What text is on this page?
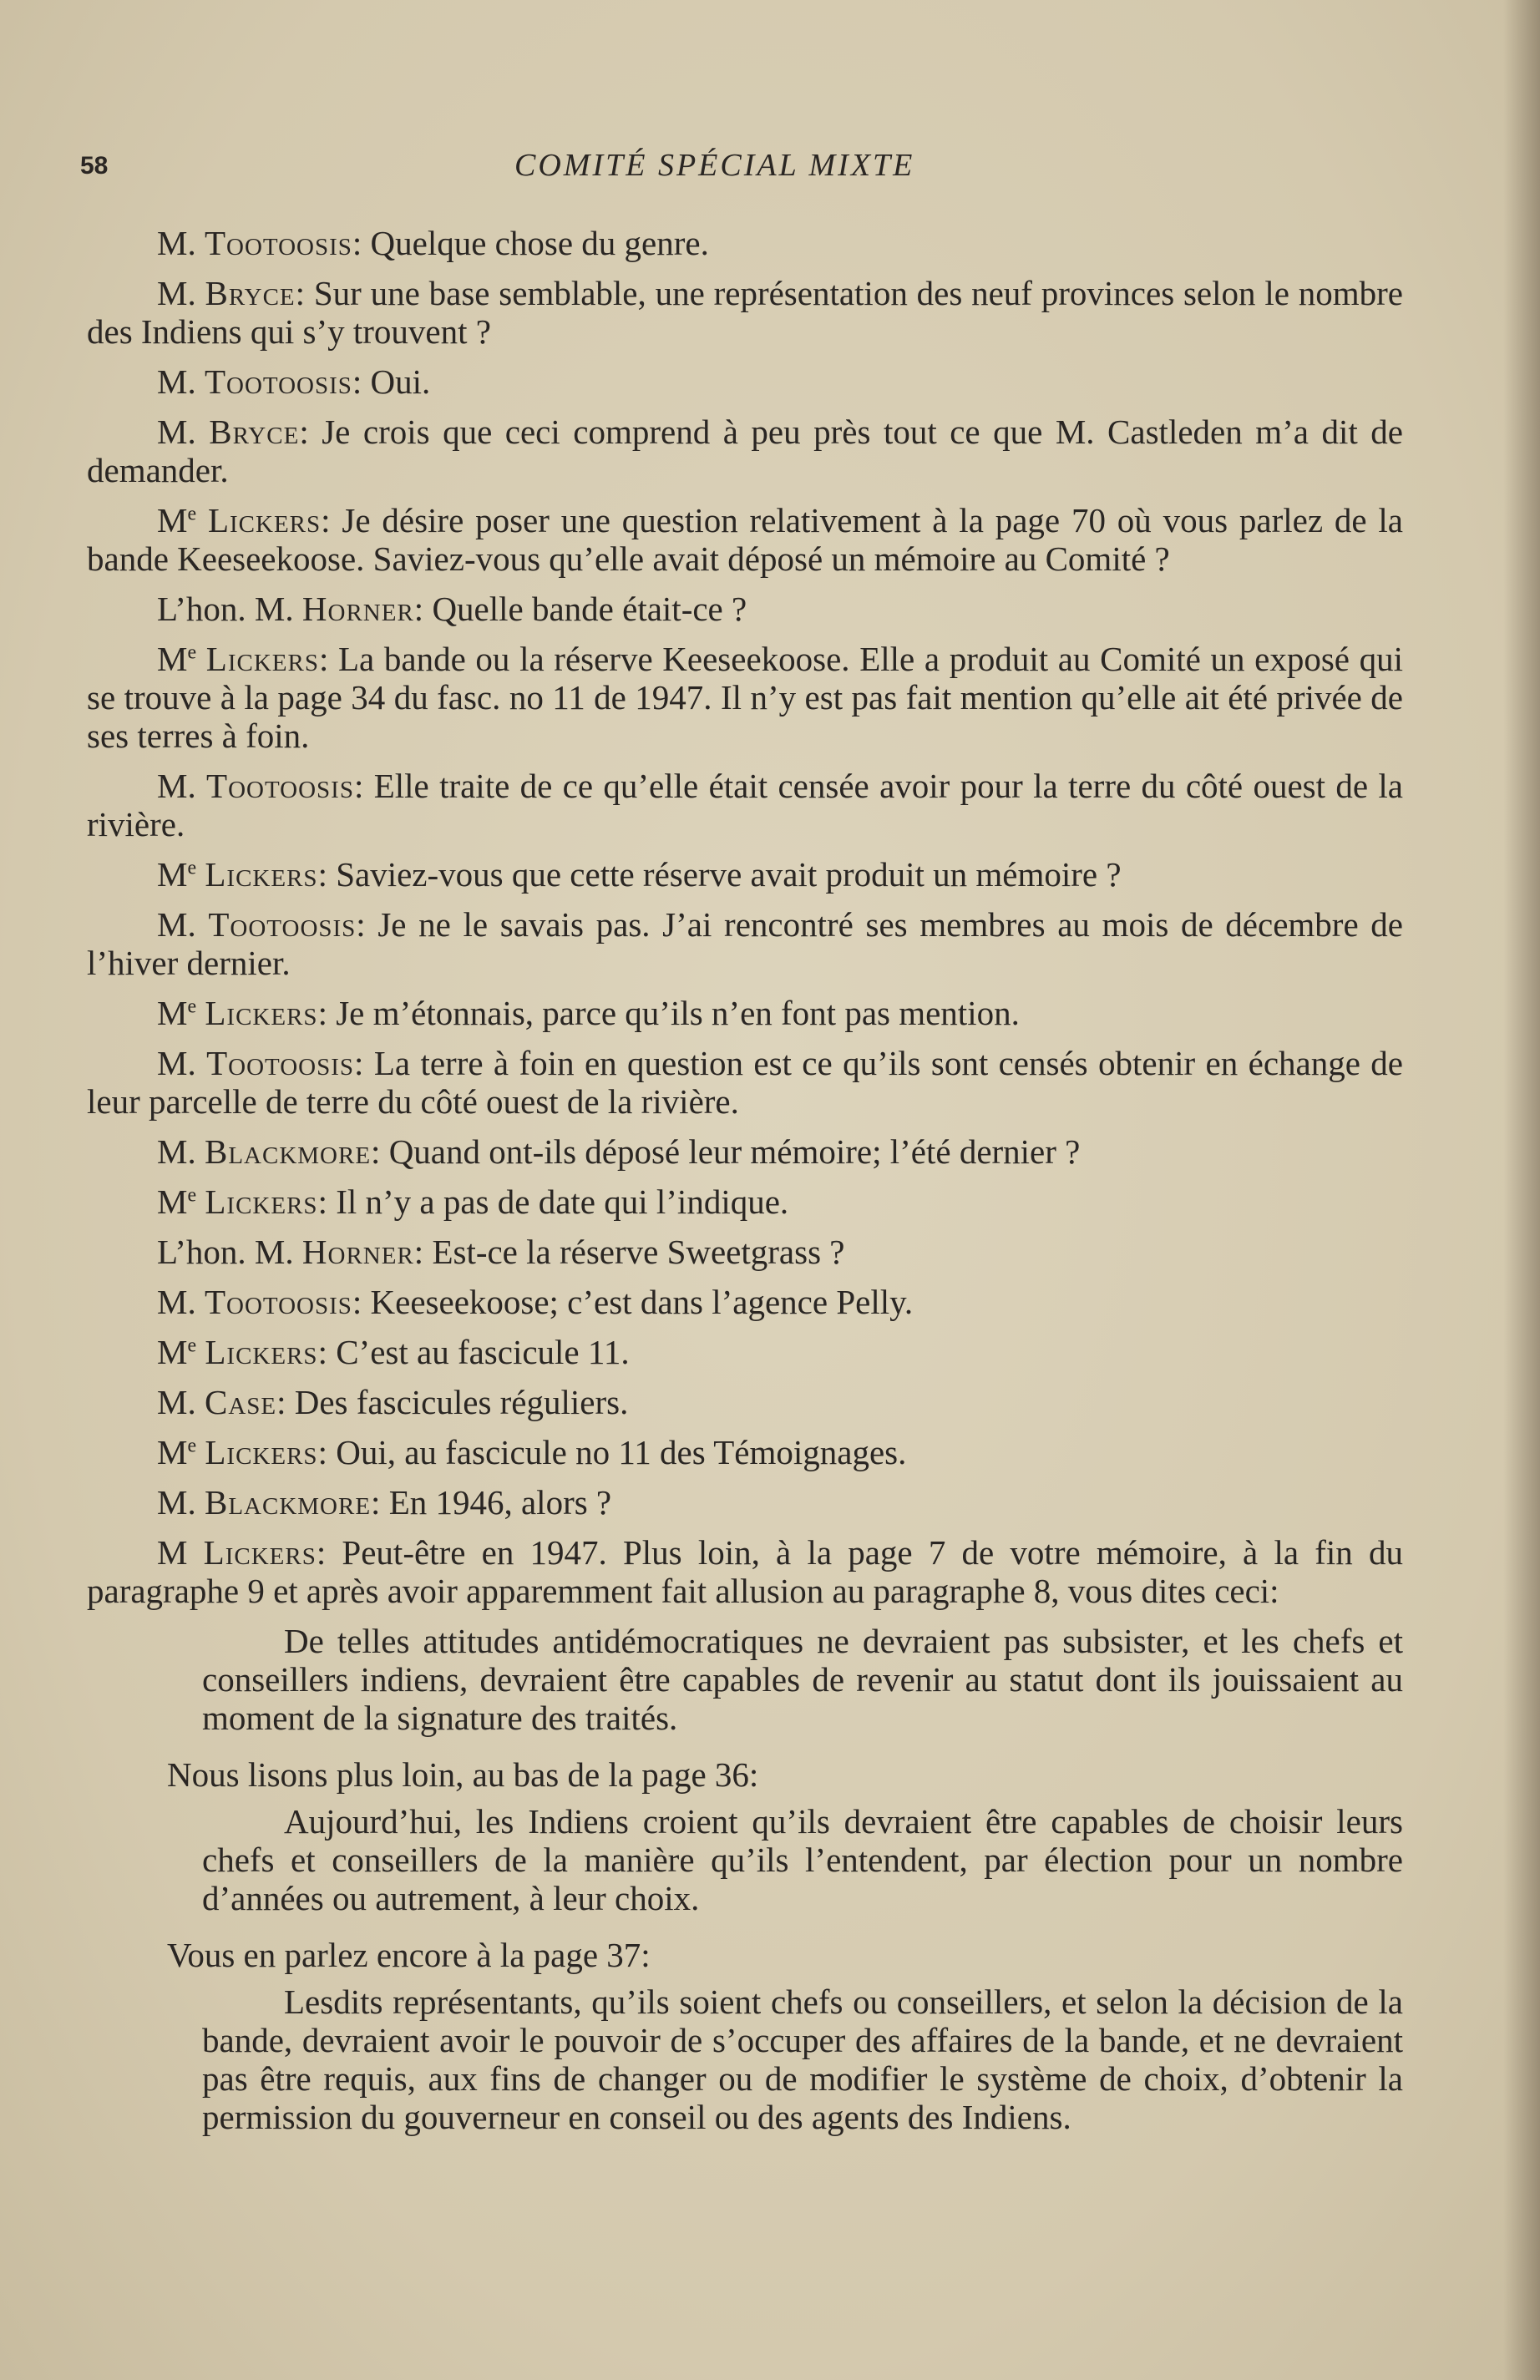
58	COMITÉ SPÉCIAL MIXTE

M. Tootoosis: Quelque chose du genre.

M. Bryce: Sur une base semblable, une représentation des neuf provinces selon le nombre des Indiens qui s’y trouvent ?

M. Tootoosis: Oui.

M. Bryce: Je crois que ceci comprend à peu près tout ce que M. Castleden m’a dit de demander.

Me Lickers: Je désire poser une question relativement à la page 70 où vous parlez de la bande Keeseekoose. Saviez-vous qu’elle avait déposé un mémoire au Comité ?

L’hon. M. Horner: Quelle bande était-ce ?

Me Lickers: La bande ou la réserve Keeseekoose. Elle a produit au Comité un exposé qui se trouve à la page 34 du fasc. no 11 de 1947. Il n’y est pas fait mention qu’elle ait été privée de ses terres à foin.

M. Tootoosis: Elle traite de ce qu’elle était censée avoir pour la terre du côté ouest de la rivière.

Me Lickers: Saviez-vous que cette réserve avait produit un mémoire ?

M. Tootoosis: Je ne le savais pas. J’ai rencontré ses membres au mois de décembre de l’hiver dernier.

Me Lickers: Je m’étonnais, parce qu’ils n’en font pas mention.

M. Tootoosis: La terre à foin en question est ce qu’ils sont censés obtenir en échange de leur parcelle de terre du côté ouest de la rivière.

M. Blackmore: Quand ont-ils déposé leur mémoire; l’été dernier ?

Me Lickers: Il n’y a pas de date qui l’indique.

L’hon. M. Horner: Est-ce la réserve Sweetgrass ?

M. Tootoosis: Keeseekoose; c’est dans l’agence Pelly.

Me Lickers: C’est au fascicule 11.

M. Case: Des fascicules réguliers.

Me Lickers: Oui, au fascicule no 11 des Témoignages.

M. Blackmore: En 1946, alors ?

M Lickers: Peut-être en 1947. Plus loin, à la page 7 de votre mémoire, à la fin du paragraphe 9 et après avoir apparemment fait allusion au paragraphe 8, vous dites ceci:

De telles attitudes antidémocratiques ne devraient pas subsister, et les chefs et conseillers indiens, devraient être capables de revenir au statut dont ils jouissaient au moment de la signature des traités.

Nous lisons plus loin, au bas de la page 36:

Aujourd’hui, les Indiens croient qu’ils devraient être capables de choisir leurs chefs et conseillers de la manière qu’ils l’entendent, par élection pour un nombre d’années ou autrement, à leur choix.

Vous en parlez encore à la page 37:

Lesdits représentants, qu’ils soient chefs ou conseillers, et selon la décision de la bande, devraient avoir le pouvoir de s’occuper des affaires de la bande, et ne devraient pas être requis, aux fins de changer ou de modifier le système de choix, d’obtenir la permission du gouverneur en conseil ou des agents des Indiens.
